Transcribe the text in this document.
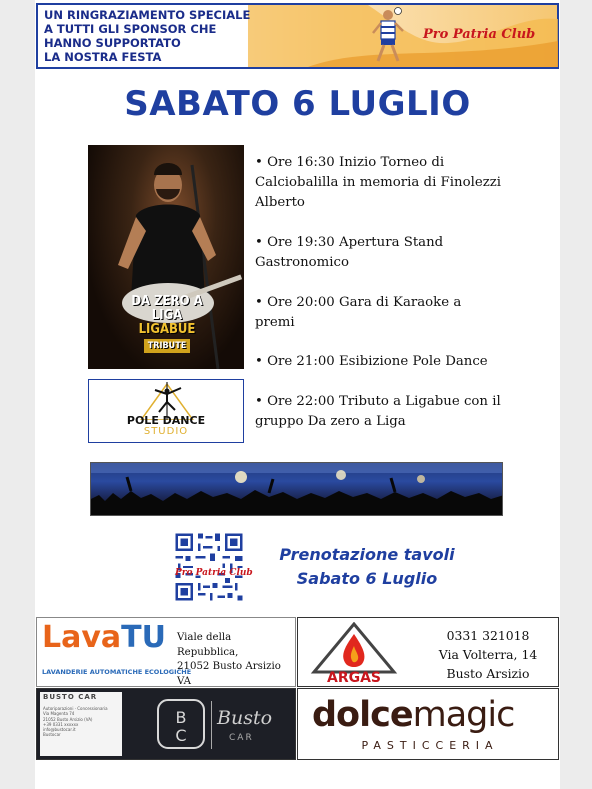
UN RINGRAZIAMENTO SPECIALE
A TUTTI GLI SPONSOR CHE
HANNO SUPPORTATO
LA NOSTRA FESTA
Pro Patria Club
SABATO 6 LUGLIO
DA ZERO A LIGA
LIGABUE
TRIBUTE
POLE DANCE
STUDIO
• Ore 16:30 Inizio Torneo di Calciobalilla in memoria di Finolezzi Alberto
• Ore 19:30 Apertura Stand Gastronomico
• Ore 20:00 Gara di Karaoke a premi
• Ore 21:00 Esibizione Pole Dance
• Ore 22:00 Tributo a Ligabue con il gruppo Da zero a Liga
Prenotazione tavoli
Sabato 6 Luglio
Pro Patria Club
LavaTU
LAVANDERIE AUTOMATICHE ECOLOGICHE
Viale della Repubblica,
21052 Busto Arsizio VA	ARGAS
0331 321018
Via Volterra, 14
Busto Arsizio
BUSTO CAR
Autoriparazioni · Concessionaria
Via Magenta 74
21052 Busto Arsizio (VA)
+39 0331 xxxxxx
info@bustocar.it
Bustocar
B
C
Busto
CAR
dolcemagic
PASTICCERIA
